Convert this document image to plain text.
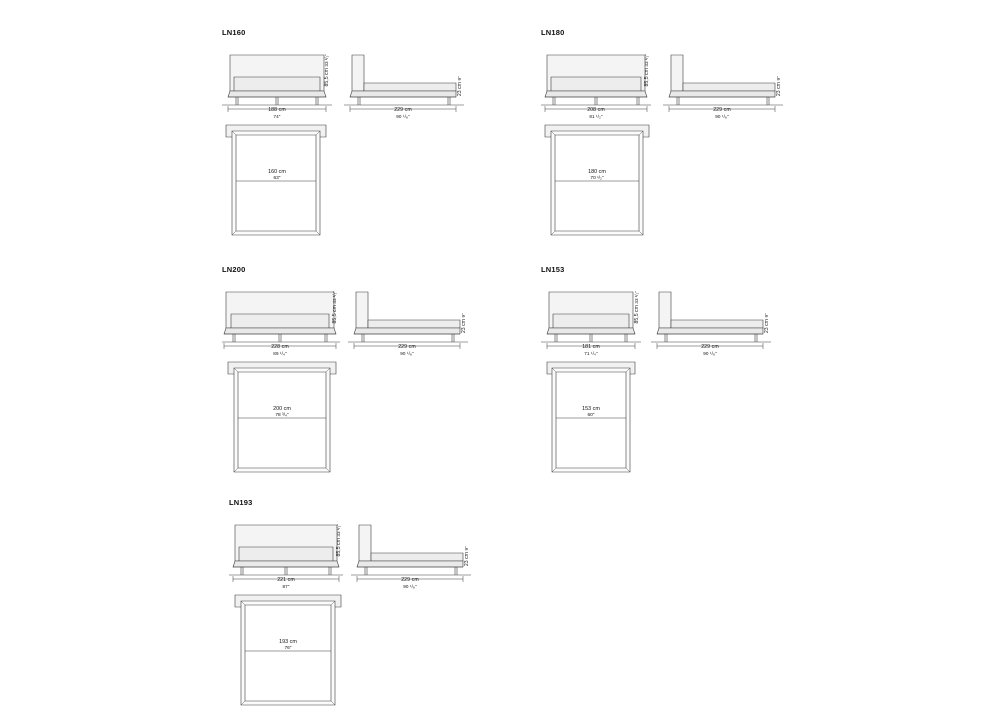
LN160
188 cm
74"
85,5 cm 33 ¹/₂"
229 cm
90 ¹/₈"
23 cm 9"
160 cm
63"
LN180
208 cm
81 ¹/₂"
85,5 cm 33 ¹/₂"
229 cm
90 ¹/₈"
23 cm 9"
180 cm
70 ¹/₂"
LN200
228 cm
89 ¹/₄"
85,5 cm 33 ¹/₂"
229 cm
90 ¹/₈"
23 cm 9"
200 cm
78 ³/₄"
LN153
181 cm
71 ¹/₄"
85,5 cm 33 ¹/₂"
229 cm
90 ¹/₈"
23 cm 9"
153 cm
60"
LN193
221 cm
87"
85,5 cm 33 ¹/₂"
229 cm
90 ¹/₈"
23 cm 9"
193 cm
76"
